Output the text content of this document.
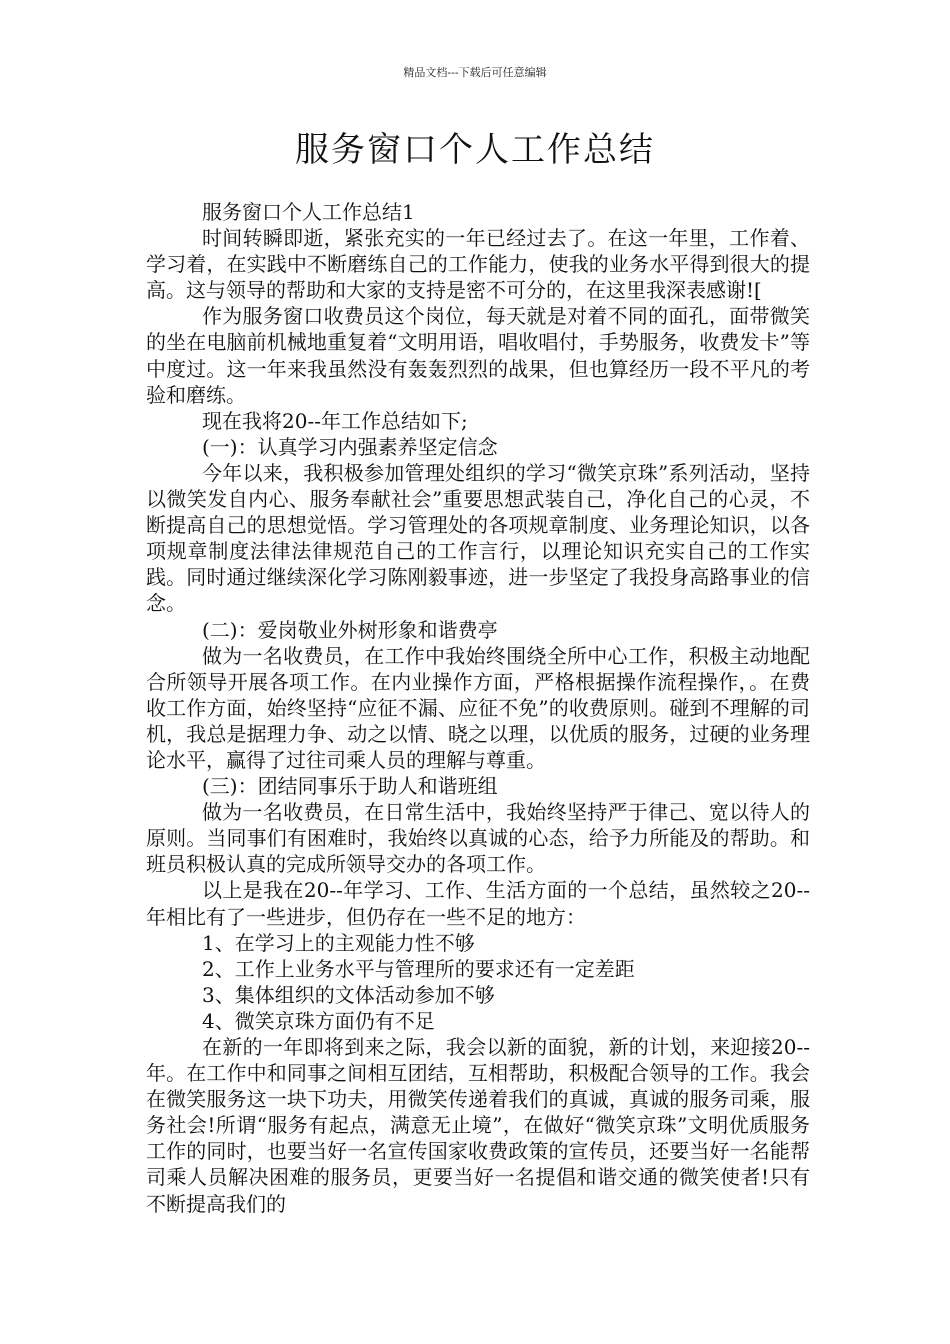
精品文档---下载后可任意编辑
服务窗口个人工作总结

服务窗口个人工作总结1

时间转瞬即逝，紧张充实的一年已经过去了。在这一年里，工作着、学习着，在实践中不断磨练自己的工作能力，使我的业务水平得到很大的提高。这与领导的帮助和大家的支持是密不可分的，在这里我深表感谢![

作为服务窗口收费员这个岗位，每天就是对着不同的面孔，面带微笑的坐在电脑前机械地重复着“文明用语，唱收唱付，手势服务，收费发卡”等中度过。这一年来我虽然没有轰轰烈烈的战果，但也算经历一段不平凡的考验和磨练。

现在我将20--年工作总结如下;

(一)：认真学习内强素养坚定信念

今年以来，我积极参加管理处组织的学习“微笑京珠”系列活动，坚持以微笑发自内心、服务奉献社会”重要思想武装自己，净化自己的心灵，不断提高自己的思想觉悟。学习管理处的各项规章制度、业务理论知识，以各项规章制度法律法律规范自己的工作言行，以理论知识充实自己的工作实践。同时通过继续深化学习陈刚毅事迹，进一步坚定了我投身高路事业的信念。

(二)：爱岗敬业外树形象和谐费亭

做为一名收费员，在工作中我始终围绕全所中心工作，积极主动地配合所领导开展各项工作。在内业操作方面，严格根据操作流程操作，。在费收工作方面，始终坚持“应征不漏、应征不免”的收费原则。碰到不理解的司机，我总是据理力争、动之以情、晓之以理，以优质的服务，过硬的业务理论水平，赢得了过往司乘人员的理解与尊重。

(三)：团结同事乐于助人和谐班组

做为一名收费员，在日常生活中，我始终坚持严于律己、宽以待人的原则。当同事们有困难时，我始终以真诚的心态，给予力所能及的帮助。和班员积极认真的完成所领导交办的各项工作。

以上是我在20--年学习、工作、生活方面的一个总结，虽然较之20--年相比有了一些进步，但仍存在一些不足的地方：

1、在学习上的主观能力性不够

2、工作上业务水平与管理所的要求还有一定差距

3、集体组织的文体活动参加不够

4、微笑京珠方面仍有不足

在新的一年即将到来之际，我会以新的面貌，新的计划，来迎接20--年。在工作中和同事之间相互团结，互相帮助，积极配合领导的工作。我会在微笑服务这一块下功夫，用微笑传递着我们的真诚，真诚的服务司乘，服务社会!所谓“服务有起点，满意无止境”，在做好“微笑京珠”文明优质服务工作的同时，也要当好一名宣传国家收费政策的宣传员，还要当好一名能帮司乘人员解决困难的服务员，更要当好一名提倡和谐交通的微笑使者!只有不断提高我们的
